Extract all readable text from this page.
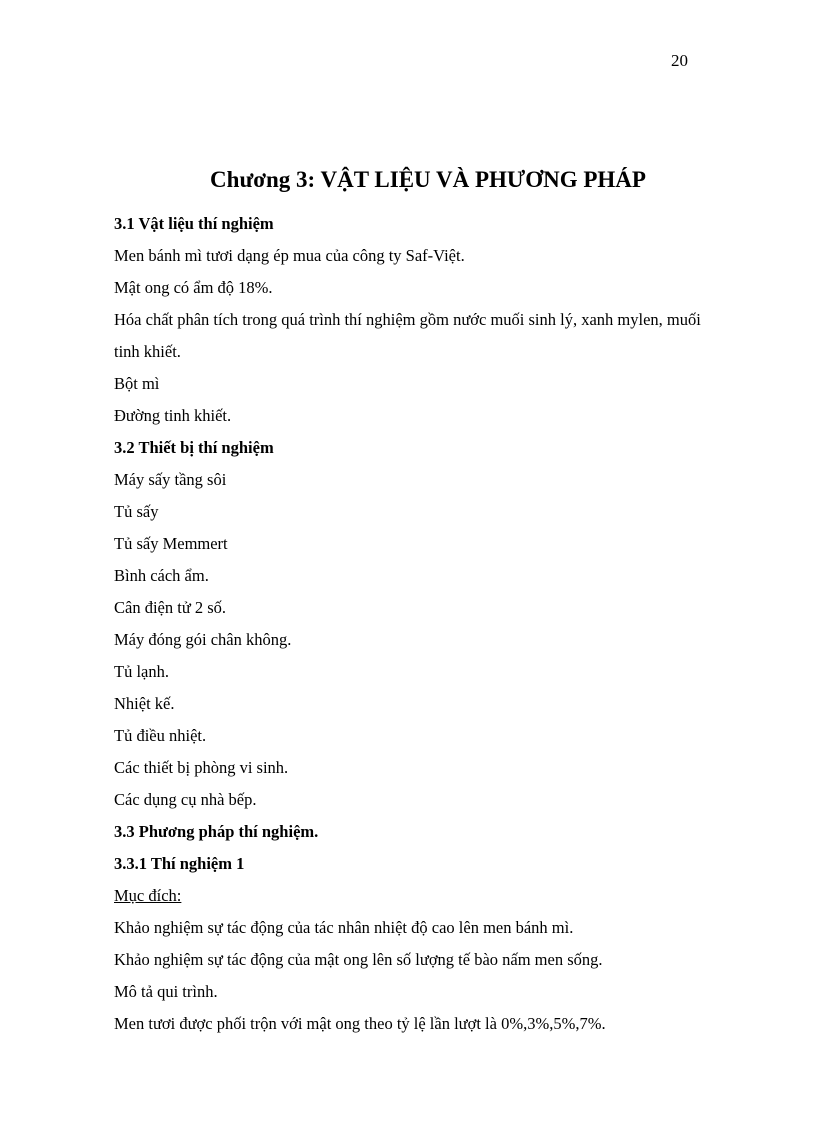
20
Chương 3: VẬT LIỆU VÀ PHƯƠNG PHÁP
3.1 Vật liệu thí nghiệm
Men bánh mì tươi dạng ép mua của công ty Saf-Việt.
Mật ong có ẩm độ 18%.
Hóa chất phân tích trong quá trình thí nghiệm gồm nước muối sinh lý, xanh mylen, muối
tinh khiết.
Bột mì
Đường tinh khiết.
3.2 Thiết bị thí nghiệm
Máy sấy tầng sôi
Tủ sấy
Tủ sấy Memmert
Bình cách ẩm.
Cân điện tử 2 số.
Máy đóng gói chân không.
Tủ lạnh.
Nhiệt kế.
Tủ điều nhiệt.
Các thiết bị phòng vi sinh.
Các dụng cụ nhà bếp.
3.3 Phương pháp thí nghiệm.
3.3.1 Thí nghiệm 1
Mục đích:
Khảo nghiệm sự tác động của tác nhân nhiệt độ cao lên men bánh mì.
Khảo nghiệm sự tác động của mật ong lên số lượng tế bào nấm men sống.
Mô tả qui trình.
Men tươi được phối trộn với mật ong theo tỷ lệ lần lượt là 0%,3%,5%,7%.
